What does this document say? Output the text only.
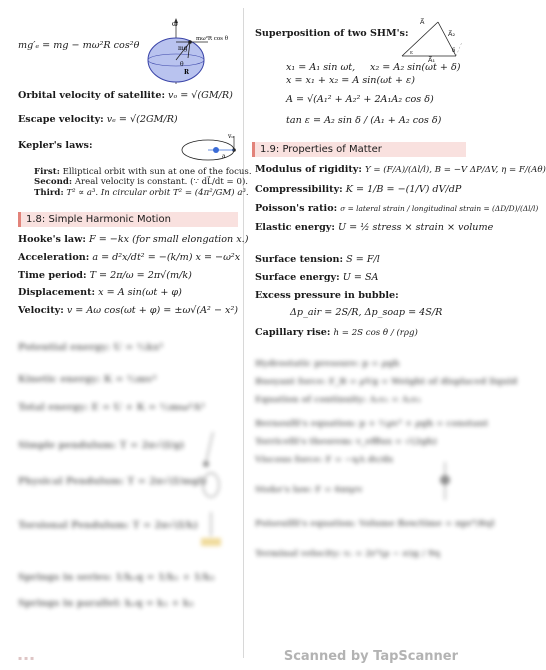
mg′ₑ = mg − mω²R cos²θ
ω
mg
mω²R cos θ
θ
R
Orbital velocity of satellite: vₒ = √(GM/R)
Escape velocity: vₑ = √(2GM/R)
Kepler's laws:
vₒ
a
First: Elliptical orbit with sun at one of the focus.
Second: Areal velocity is constant. (∵ dL⃗/dt = 0).
Third: T² ∝ a³. In circular orbit T² = (4π²/GM) a³.
1.8: Simple Harmonic Motion
Hooke's law: F = −kx (for small elongation x.)
Acceleration: a = d²x/dt² = −(k/m) x = −ω²x
Time period: T = 2π/ω = 2π√(m/k)
Displacement: x = A sin(ωt + φ)
Velocity: v = Aω cos(ωt + φ) = ±ω√(A² − x²)
Potential energy: U = ½kx²
Kinetic energy: K = ½mv²
Total energy: E = U + K = ½mω²A²
Simple pendulum: T = 2π√(l/g)
Physical Pendulum: T = 2π√(I/mgl)
Torsional Pendulum: T = 2π√(I/k)
Springs in series: 1/kₑq = 1/k₁ + 1/k₂
Springs in parallel: kₑq = k₁ + k₂
Superposition of two SHM's:
A⃗
A⃗₂
A⃗₁
δ
ε
x₁ = A₁ sin ωt, x₂ = A₂ sin(ωt + δ)
x = x₁ + x₂ = A sin(ωt + ε)
A = √(A₁² + A₂² + 2A₁A₂ cos δ)
tan ε = A₂ sin δ / (A₁ + A₂ cos δ)
1.9: Properties of Matter
Modulus of rigidity: Y = (F/A)/(Δl/l), B = −V ΔP/ΔV, η = F/(Aθ)
Compressibility: K = 1/B = −(1/V) dV/dP
Poisson's ratio: σ = lateral strain / longitudinal strain = (ΔD/D)/(Δl/l)
Elastic energy: U = ½ stress × strain × volume
Surface tension: S = F/l
Surface energy: U = SA
Excess pressure in bubble:
Δp_air = 2S/R, Δp_soap = 4S/R
Capillary rise: h = 2S cos θ / (rρg)
Hydrostatic pressure: p = ρgh
Buoyant force: F_B = ρVg = Weight of displaced liquid
Equation of continuity: A₁v₁ = A₂v₂
Bernoulli's equation: p + ½ρv² + ρgh = constant
Torricelli's theorem: v_efflux = √(2gh)
Viscous force: F = −ηA dv/dx
Stoke's law: F = 6πηrv
Poiseuilli's equation: Volume flow/time = πpr⁴/8ηl
Terminal velocity: vₜ = 2r²(ρ − σ)g / 9η
▪ ▪ ▪	Scanned by TapScanner
